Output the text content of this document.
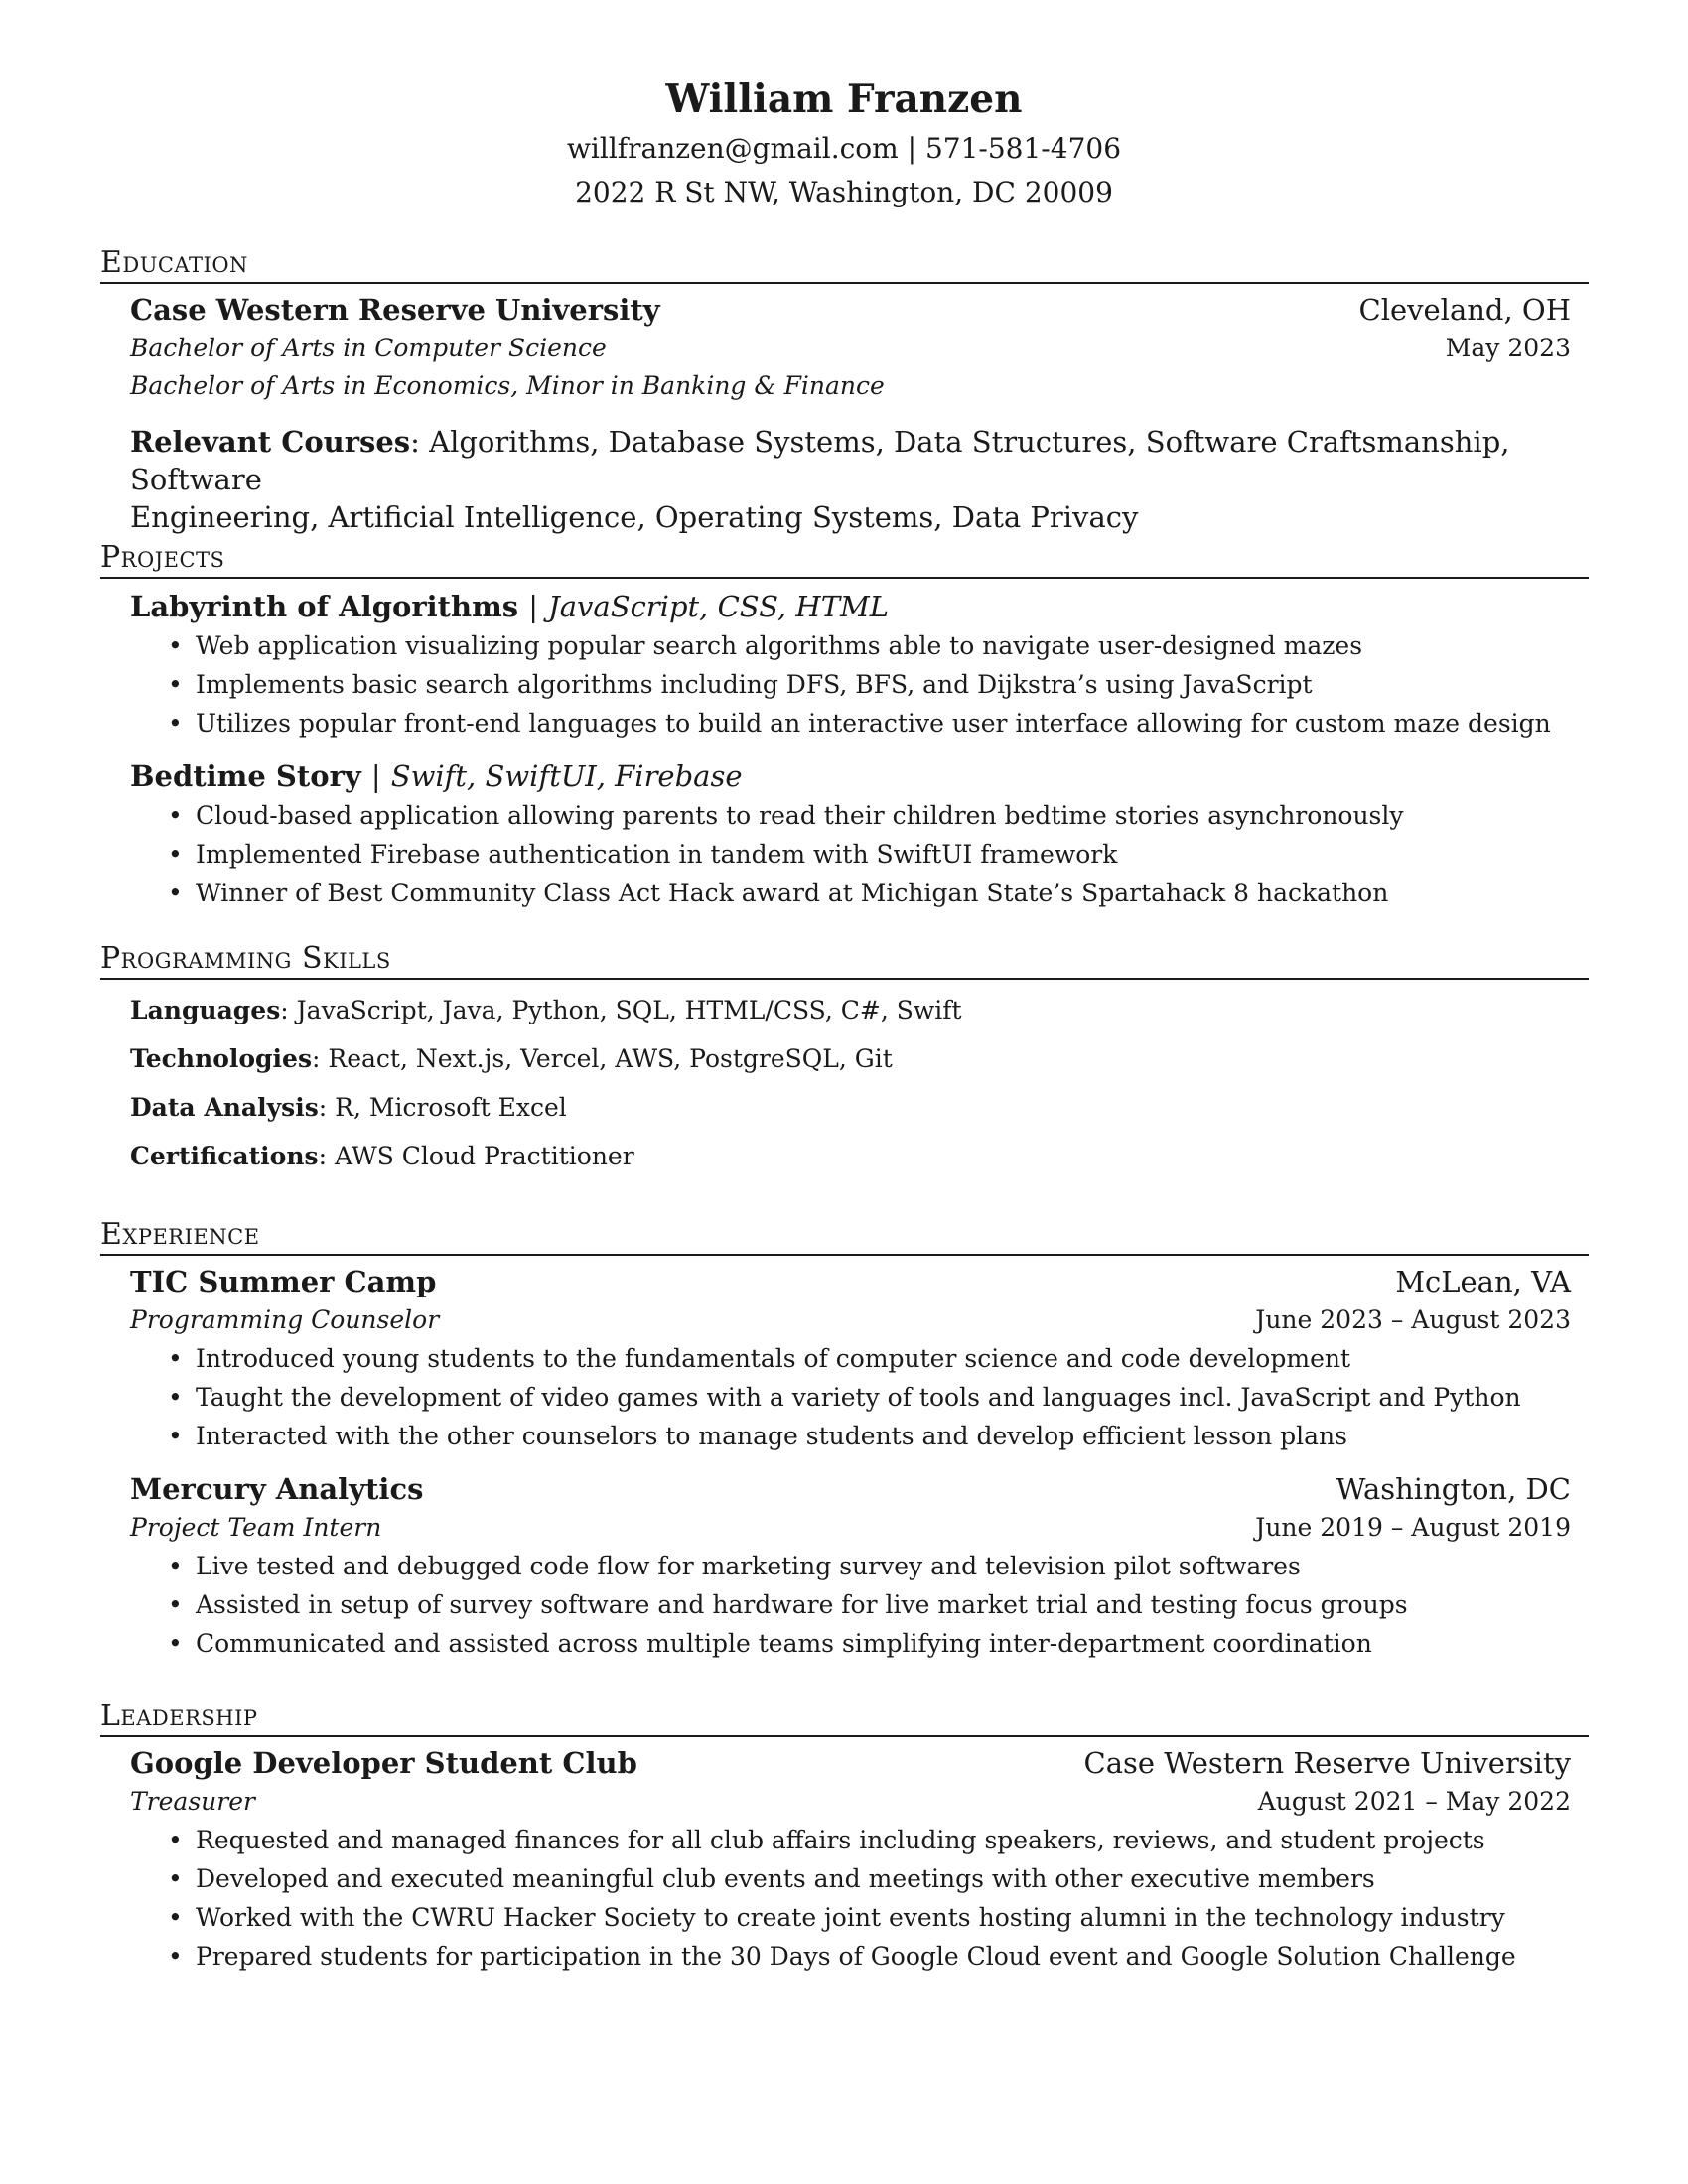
William Franzen
willfranzen@gmail.com | 571-581-4706
2022 R St NW, Washington, DC 20009
Education
Case Western Reserve University	Cleveland, OH
Bachelor of Arts in Computer Science	May 2023
Bachelor of Arts in Economics, Minor in Banking & Finance
Relevant Courses: Algorithms, Database Systems, Data Structures, Software Craftsmanship, Software
Engineering, Artificial Intelligence, Operating Systems, Data Privacy
Projects
Labyrinth of Algorithms | JavaScript, CSS, HTML
• Web application visualizing popular search algorithms able to navigate user-designed mazes
• Implements basic search algorithms including DFS, BFS, and Dijkstra’s using JavaScript
• Utilizes popular front-end languages to build an interactive user interface allowing for custom maze design
Bedtime Story | Swift, SwiftUI, Firebase
• Cloud-based application allowing parents to read their children bedtime stories asynchronously
• Implemented Firebase authentication in tandem with SwiftUI framework
• Winner of Best Community Class Act Hack award at Michigan State’s Spartahack 8 hackathon
Programming Skills
Languages: JavaScript, Java, Python, SQL, HTML/CSS, C#, Swift
Technologies: React, Next.js, Vercel, AWS, PostgreSQL, Git
Data Analysis: R, Microsoft Excel
Certifications: AWS Cloud Practitioner
Experience
TIC Summer Camp	McLean, VA
Programming Counselor	June 2023 – August 2023
• Introduced young students to the fundamentals of computer science and code development
• Taught the development of video games with a variety of tools and languages incl. JavaScript and Python
• Interacted with the other counselors to manage students and develop efficient lesson plans
Mercury Analytics	Washington, DC
Project Team Intern	June 2019 – August 2019
• Live tested and debugged code flow for marketing survey and television pilot softwares
• Assisted in setup of survey software and hardware for live market trial and testing focus groups
• Communicated and assisted across multiple teams simplifying inter-department coordination
Leadership
Google Developer Student Club	Case Western Reserve University
Treasurer	August 2021 – May 2022
• Requested and managed finances for all club affairs including speakers, reviews, and student projects
• Developed and executed meaningful club events and meetings with other executive members
• Worked with the CWRU Hacker Society to create joint events hosting alumni in the technology industry
• Prepared students for participation in the 30 Days of Google Cloud event and Google Solution Challenge
